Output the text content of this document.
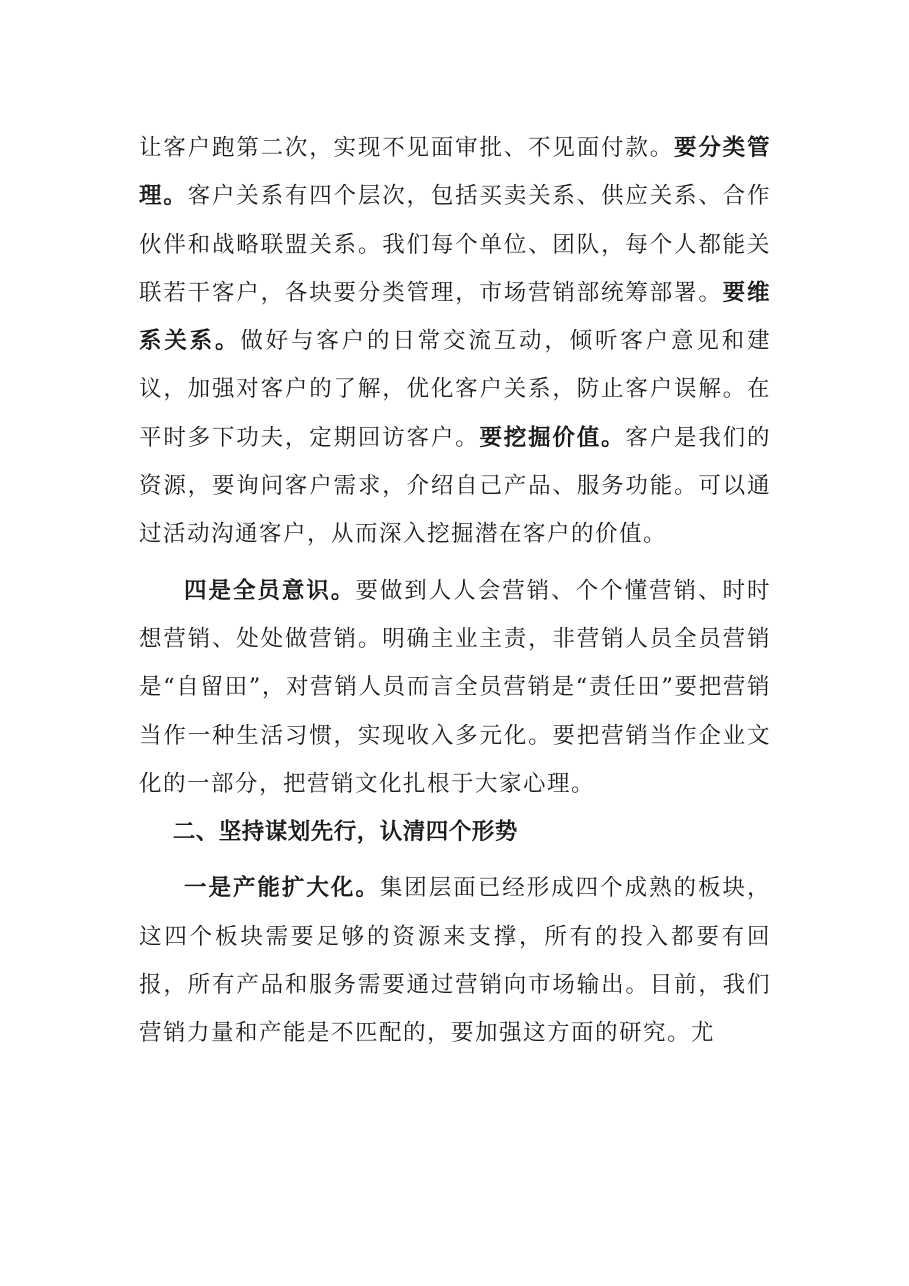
让客户跑第二次，实现不见面审批、不见面付款。要分类管理。客户关系有四个层次，包括买卖关系、供应关系、合作伙伴和战略联盟关系。我们每个单位、团队，每个人都能关联若干客户，各块要分类管理，市场营销部统筹部署。要维系关系。做好与客户的日常交流互动，倾听客户意见和建议，加强对客户的了解，优化客户关系，防止客户误解。在平时多下功夫，定期回访客户。要挖掘价值。客户是我们的资源，要询问客户需求，介绍自己产品、服务功能。可以通过活动沟通客户，从而深入挖掘潜在客户的价值。

四是全员意识。要做到人人会营销、个个懂营销、时时想营销、处处做营销。明确主业主责，非营销人员全员营销是“自留田”，对营销人员而言全员营销是“责任田”要把营销当作一种生活习惯，实现收入多元化。要把营销当作企业文化的一部分，把营销文化扎根于大家心理。

二、坚持谋划先行，认清四个形势

一是产能扩大化。集团层面已经形成四个成熟的板块，这四个板块需要足够的资源来支撑，所有的投入都要有回报，所有产品和服务需要通过营销向市场输出。目前，我们营销力量和产能是不匹配的，要加强这方面的研究。尤
